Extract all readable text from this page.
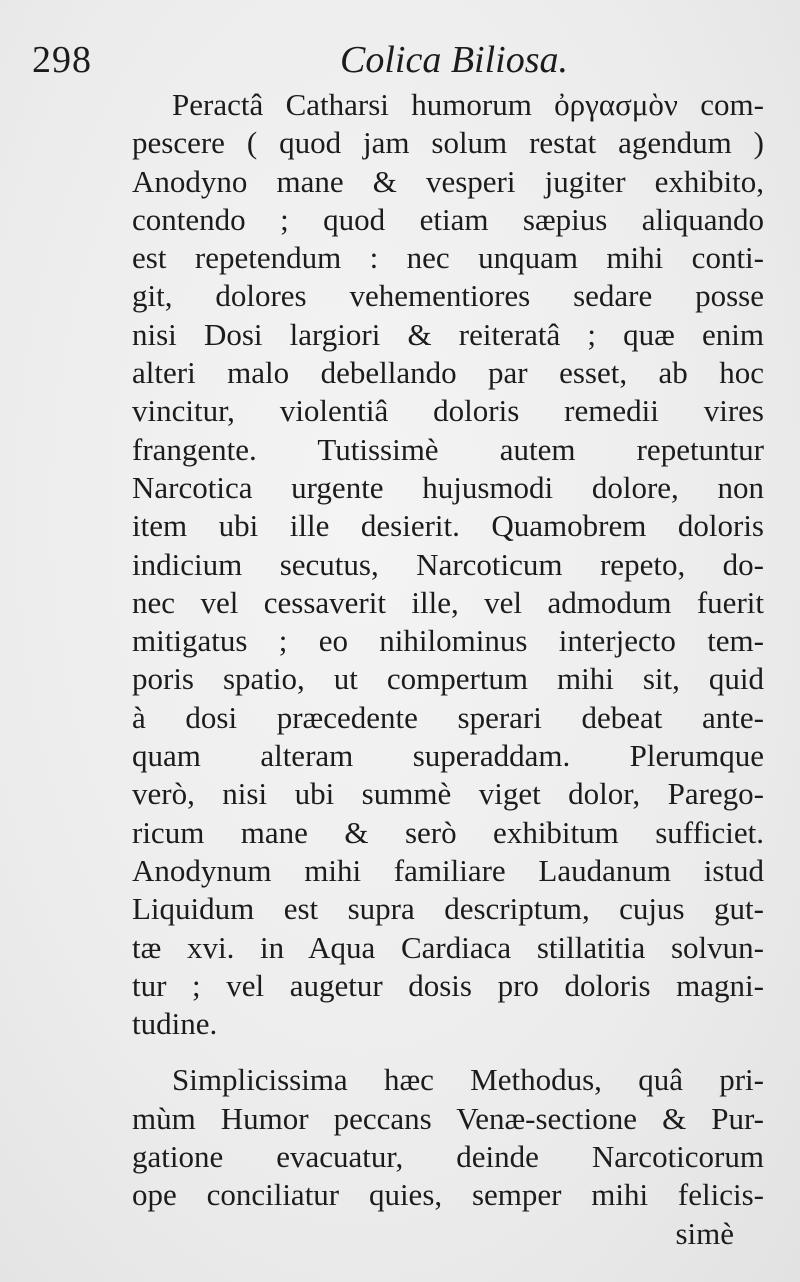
298	Colica Biliosa.
Peractâ Catharsi humorum ὀργασμὸν com-
pescere ( quod jam solum restat agendum )
Anodyno mane & vesperi jugiter exhibito,
contendo ; quod etiam sæpius aliquando
est repetendum : nec unquam mihi conti-
git, dolores vehementiores sedare posse
nisi Dosi largiori & reiteratâ ; quæ enim
alteri malo debellando par esset, ab hoc
vincitur, violentiâ doloris remedii vires
frangente. Tutissimè autem repetuntur
Narcotica urgente hujusmodi dolore, non
item ubi ille desierit. Quamobrem doloris
indicium secutus, Narcoticum repeto, do-
nec vel cessaverit ille, vel admodum fuerit
mitigatus ; eo nihilominus interjecto tem-
poris spatio, ut compertum mihi sit, quid
à dosi præcedente sperari debeat ante-
quam alteram superaddam. Plerumque
verò, nisi ubi summè viget dolor, Parego-
ricum mane & serò exhibitum sufficiet.
Anodynum mihi familiare Laudanum istud
Liquidum est supra descriptum, cujus gut-
tæ xvi. in Aqua Cardiaca stillatitia solvun-
tur ; vel augetur dosis pro doloris magni-
tudine.
Simplicissima hæc Methodus, quâ pri-
mùm Humor peccans Venæ-sectione & Pur-
gatione evacuatur, deinde Narcoticorum
ope conciliatur quies, semper mihi felicis-
simè
